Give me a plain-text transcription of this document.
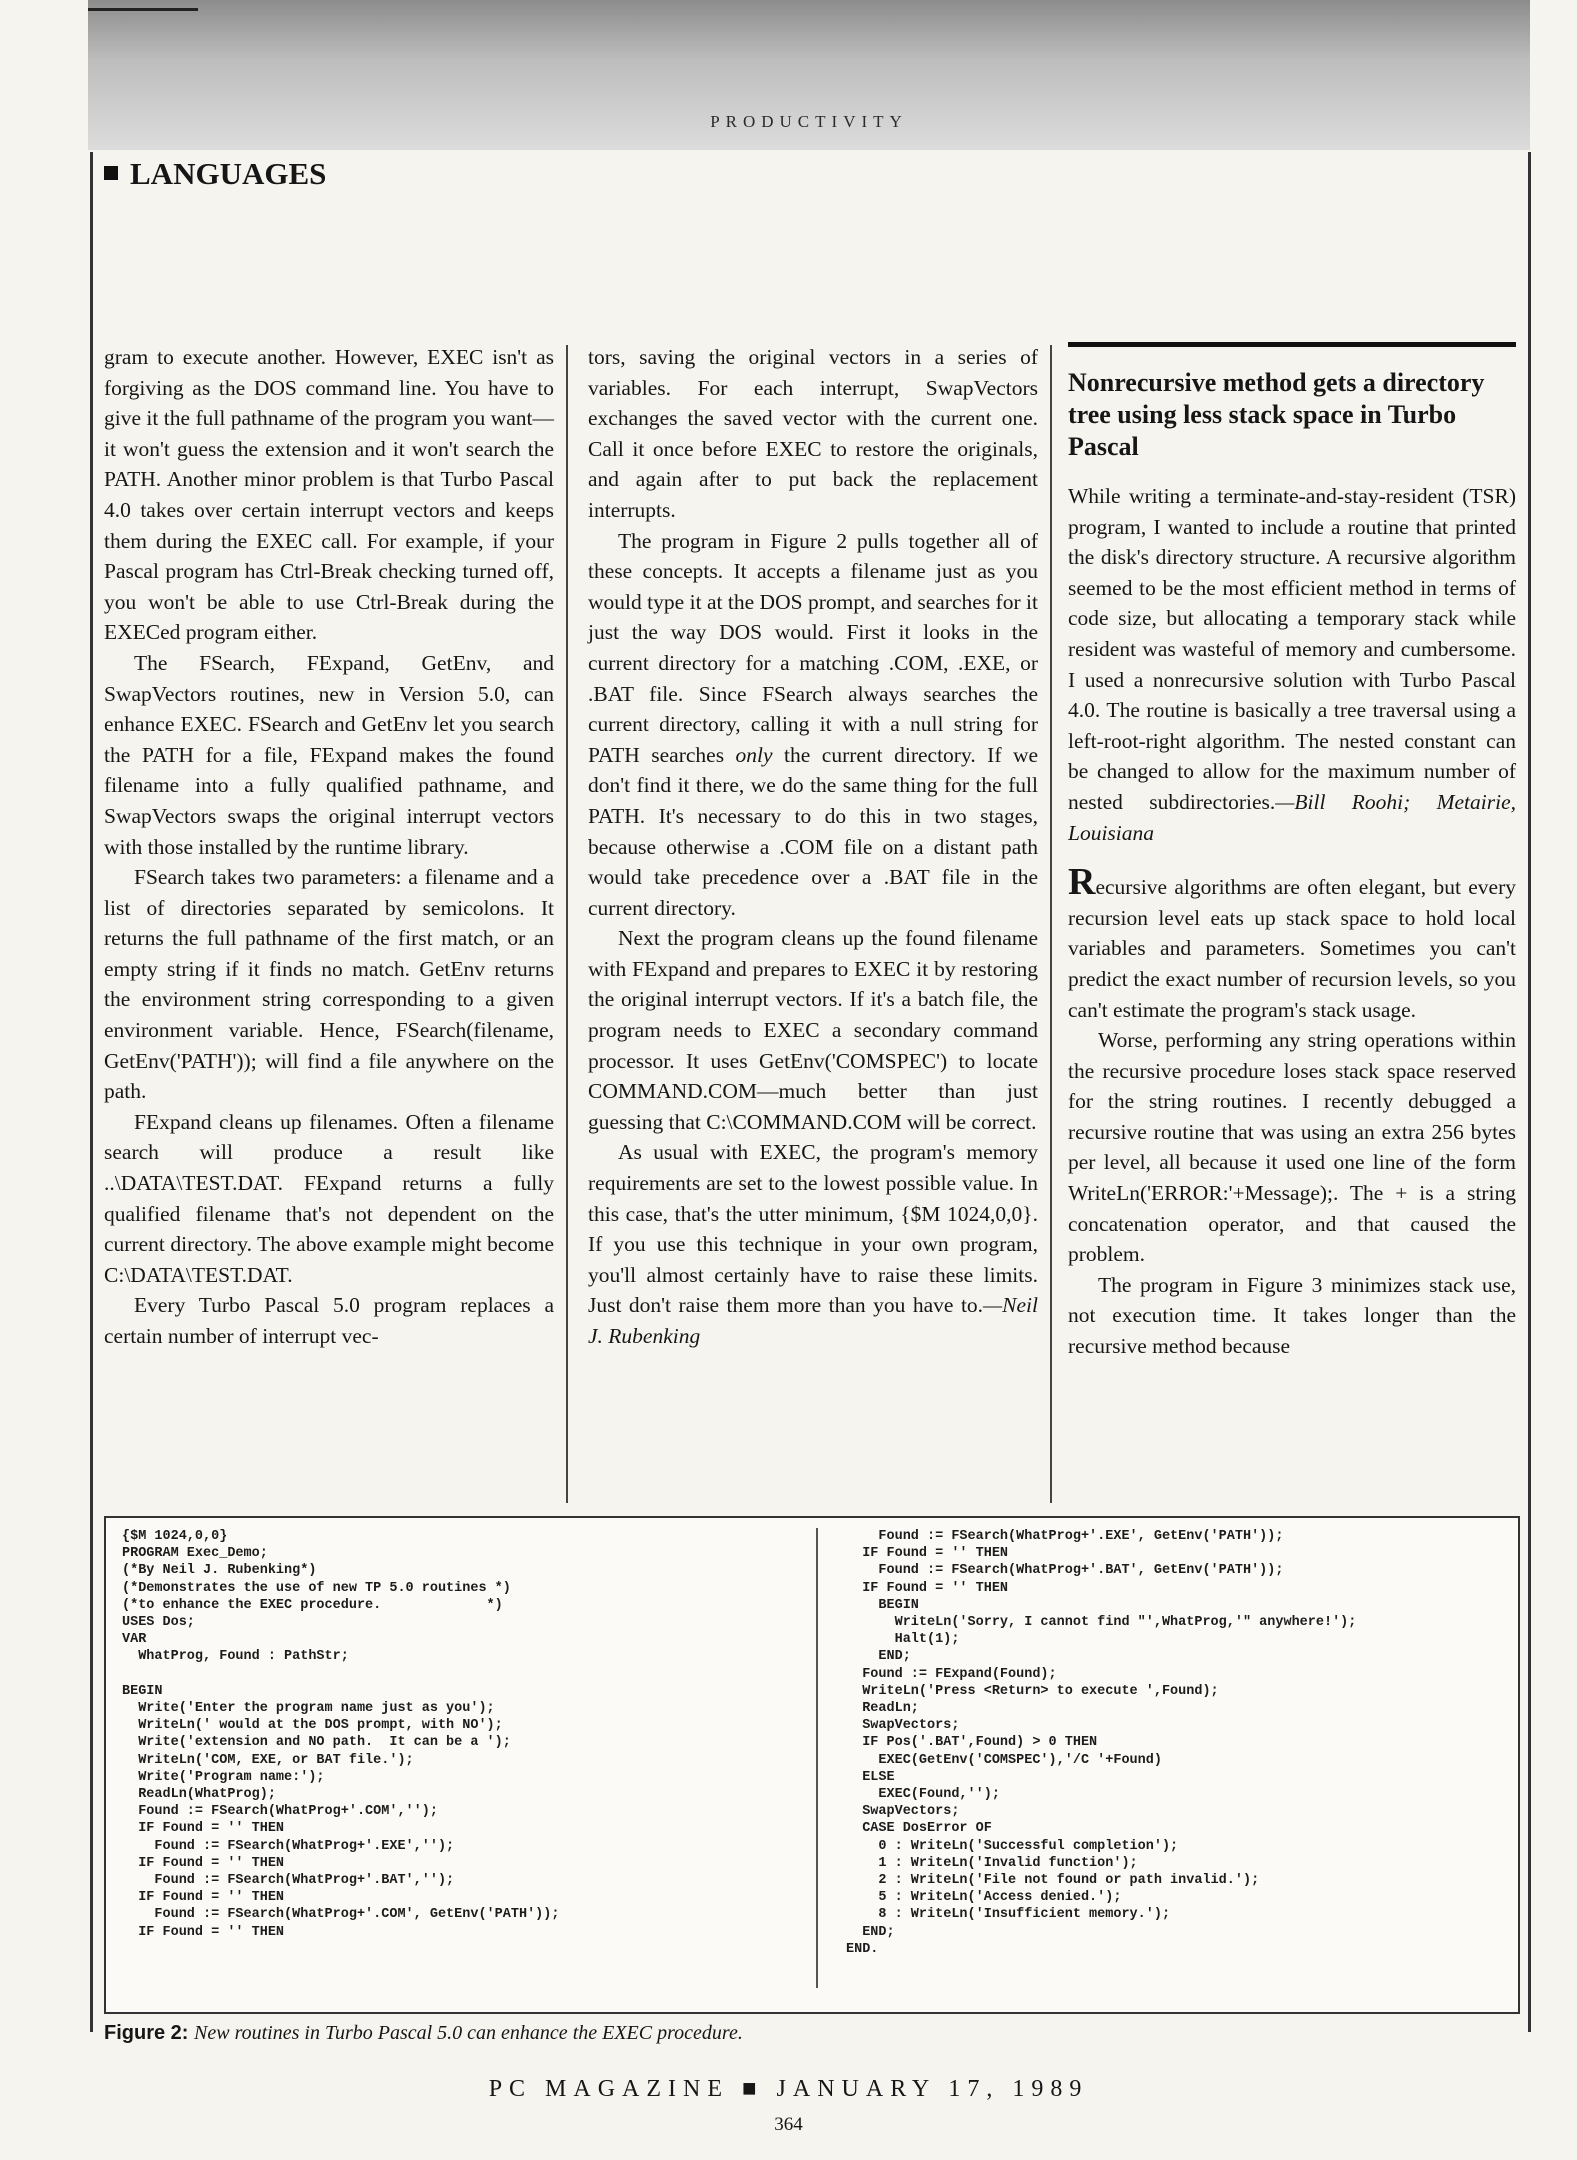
PRODUCTIVITY
LANGUAGES

gram to execute another. However, EXEC isn't as forgiving as the DOS command line. You have to give it the full pathname of the program you want—it won't guess the extension and it won't search the PATH. Another minor problem is that Turbo Pascal 4.0 takes over certain interrupt vectors and keeps them during the EXEC call. For example, if your Pascal program has Ctrl-Break checking turned off, you won't be able to use Ctrl-Break during the EXECed program either.

The FSearch, FExpand, GetEnv, and SwapVectors routines, new in Version 5.0, can enhance EXEC. FSearch and GetEnv let you search the PATH for a file, FExpand makes the found filename into a fully qualified pathname, and SwapVectors swaps the original interrupt vectors with those installed by the runtime library.

FSearch takes two parameters: a filename and a list of directories separated by semicolons. It returns the full pathname of the first match, or an empty string if it finds no match. GetEnv returns the environment string corresponding to a given environment variable. Hence, FSearch(filename, GetEnv('PATH')); will find a file anywhere on the path.

FExpand cleans up filenames. Often a filename search will produce a result like ..\DATA\TEST.DAT. FExpand returns a fully qualified filename that's not dependent on the current directory. The above example might become C:\DATA\TEST.DAT.

Every Turbo Pascal 5.0 program replaces a certain number of interrupt vec-

tors, saving the original vectors in a series of variables. For each interrupt, SwapVectors exchanges the saved vector with the current one. Call it once before EXEC to restore the originals, and again after to put back the replacement interrupts.

The program in Figure 2 pulls together all of these concepts. It accepts a filename just as you would type it at the DOS prompt, and searches for it just the way DOS would. First it looks in the current directory for a matching .COM, .EXE, or .BAT file. Since FSearch always searches the current directory, calling it with a null string for PATH searches only the current directory. If we don't find it there, we do the same thing for the full PATH. It's necessary to do this in two stages, because otherwise a .COM file on a distant path would take precedence over a .BAT file in the current directory.

Next the program cleans up the found filename with FExpand and prepares to EXEC it by restoring the original interrupt vectors. If it's a batch file, the program needs to EXEC a secondary command processor. It uses GetEnv('COMSPEC') to locate COMMAND.COM—much better than just guessing that C:\COMMAND.COM will be correct.

As usual with EXEC, the program's memory requirements are set to the lowest possible value. In this case, that's the utter minimum, {$M 1024,0,0}. If you use this technique in your own program, you'll almost certainly have to raise these limits. Just don't raise them more than you have to.—Neil J. Rubenking

Nonrecursive method gets a directory tree using less stack space in Turbo Pascal
While writing a terminate-and-stay-resident (TSR) program, I wanted to include a routine that printed the disk's directory structure. A recursive algorithm seemed to be the most efficient method in terms of code size, but allocating a temporary stack while resident was wasteful of memory and cumbersome. I used a nonrecursive solution with Turbo Pascal 4.0. The routine is basically a tree traversal using a left-root-right algorithm. The nested constant can be changed to allow for the maximum number of nested subdirectories.—Bill Roohi; Metairie, Louisiana

Recursive algorithms are often elegant, but every recursion level eats up stack space to hold local variables and parameters. Sometimes you can't predict the exact number of recursion levels, so you can't estimate the program's stack usage.

Worse, performing any string operations within the recursive procedure loses stack space reserved for the string routines. I recently debugged a recursive routine that was using an extra 256 bytes per level, all because it used one line of the form WriteLn('ERROR:'+Message);. The + is a string concatenation operator, and that caused the problem.

The program in Figure 3 minimizes stack use, not execution time. It takes longer than the recursive method because

{$M 1024,0,0}
PROGRAM Exec_Demo;
(*By Neil J. Rubenking*)
(*Demonstrates the use of new TP 5.0 routines *)
(*to enhance the EXEC procedure.             *)
USES Dos;
VAR
WhatProg, Found : PathStr;

BEGIN
Write('Enter the program name just as you');
WriteLn(' would at the DOS prompt, with NO');
Write('extension and NO path.  It can be a ');
WriteLn('COM, EXE, or BAT file.');
Write('Program name:');
ReadLn(WhatProg);
Found := FSearch(WhatProg+'.COM','');
IF Found = '' THEN
Found := FSearch(WhatProg+'.EXE','');
IF Found = '' THEN
Found := FSearch(WhatProg+'.BAT','');
IF Found = '' THEN
Found := FSearch(WhatProg+'.COM', GetEnv('PATH'));
IF Found = '' THEN
Found := FSearch(WhatProg+'.EXE', GetEnv('PATH'));
IF Found = '' THEN
Found := FSearch(WhatProg+'.BAT', GetEnv('PATH'));
IF Found = '' THEN
BEGIN
WriteLn('Sorry, I cannot find "',WhatProg,'" anywhere!');
Halt(1);
END;
Found := FExpand(Found);
WriteLn('Press <Return> to execute ',Found);
ReadLn;
SwapVectors;
IF Pos('.BAT',Found) > 0 THEN
EXEC(GetEnv('COMSPEC'),'/C '+Found)
ELSE
EXEC(Found,'');
SwapVectors;
CASE DosError OF
0 : WriteLn('Successful completion');
1 : WriteLn('Invalid function');
2 : WriteLn('File not found or path invalid.');
5 : WriteLn('Access denied.');
8 : WriteLn('Insufficient memory.');
END;
END.
Figure 2: New routines in Turbo Pascal 5.0 can enhance the EXEC procedure.
PC MAGAZINE ■ JANUARY 17, 1989
364
